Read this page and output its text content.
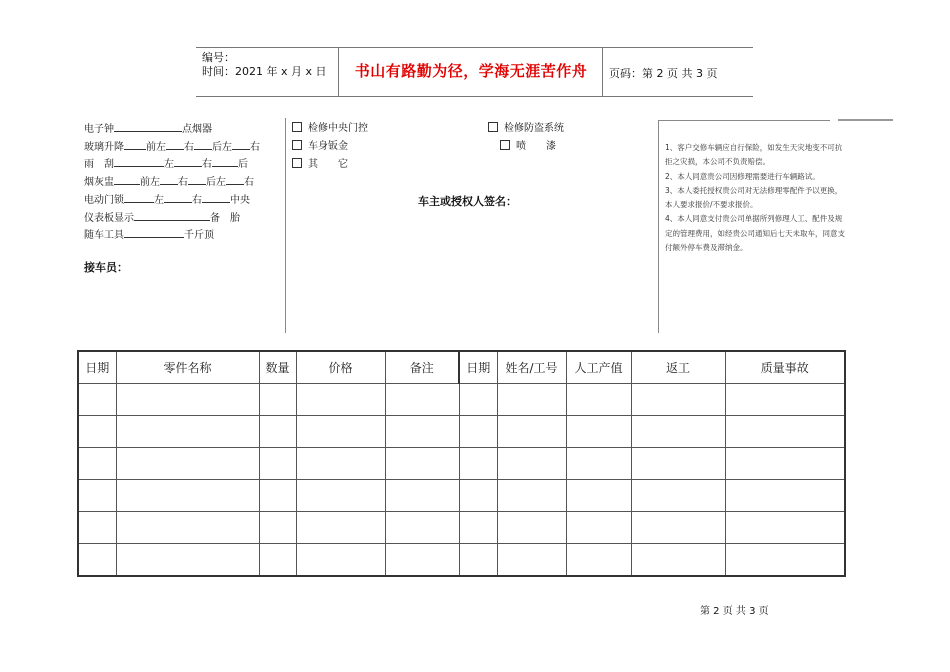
编号：
时间：2021 年 x 月 x 日	书山有路勤为径，学海无涯苦作舟	页码：第 2 页 共 3 页
电子钟	点烟器
玻璃升降 前左 右 后左 右
雨　刮	左	右	后
烟灰盅	前左 右 后左 右
电动门锁	左	右	中央
仪表板显示	备　胎
随车工具	千斤顶
接车员：
检修中央门控	检修防盗系统
车身钣金	喷　　漆
其　　它
车主或授权人签名：

1、客户交修车辆应自行保险，如发生天灾地变不可抗拒之灾损，本公司不负责赔偿。

2、本人同意贵公司因修理需要进行车辆路试。

3、本人委托授权贵公司对无法修理零配件予以更换，本人要求报价/不要求报价。

4、本人同意支付贵公司单据所列修理人工、配件及规定的管理费用，如经贵公司通知后七天未取车，同意支付额外停车费及滞纳金。

日期	零件名称	数量	价格	备注	日期	姓名/工号	人工产值	返工	质量事故

第 2 页 共 3 页
